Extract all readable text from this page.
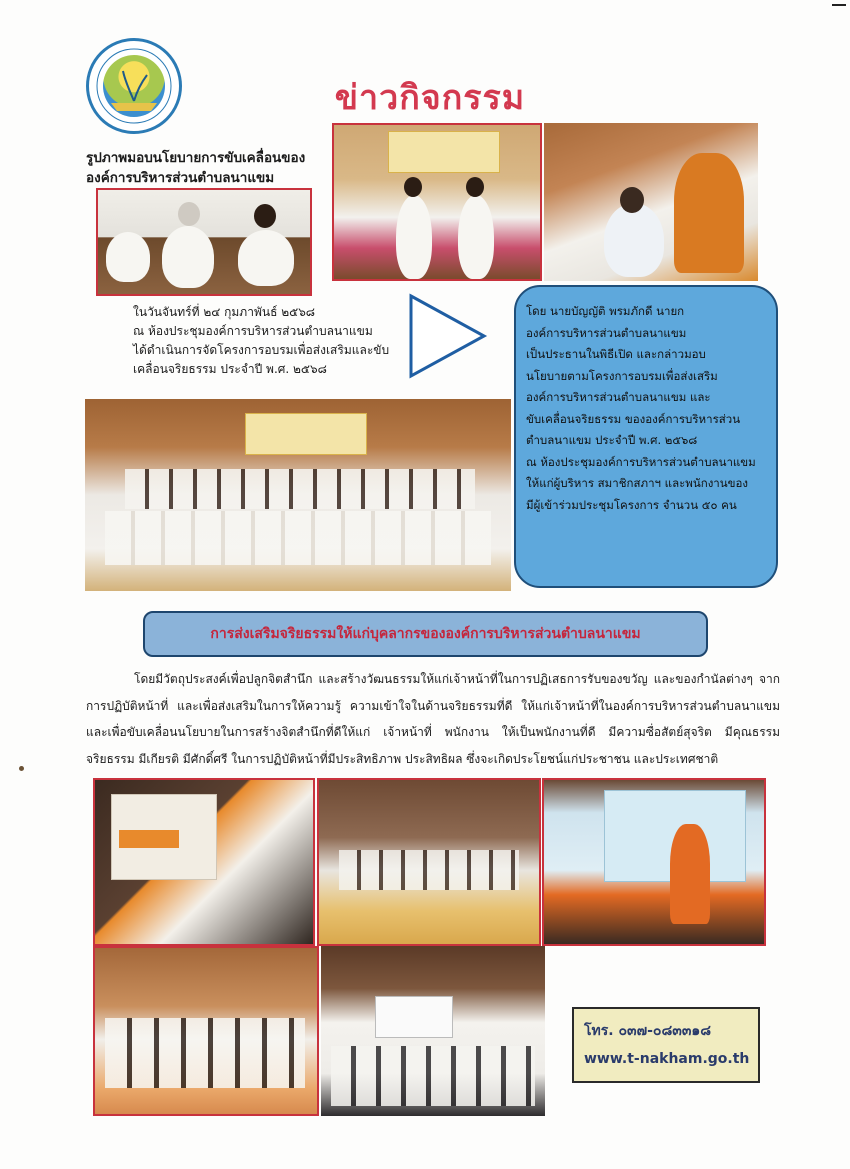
ข่าวกิจกรรม
รูปภาพมอบนโยบายการขับเคลื่อนของ
องค์การบริหารส่วนตำบลนาแขม
ในวันจันทร์ที่ ๒๔ กุมภาพันธ์ ๒๕๖๘
ณ ห้องประชุมองค์การบริหารส่วนตำบลนาแขม
ได้ดำเนินการจัดโครงการอบรมเพื่อส่งเสริมและขับ
เคลื่อนจริยธรรม ประจำปี พ.ศ. ๒๕๖๘
โดย นายบัญญัติ พรมภักดี นายก
องค์การบริหารส่วนตำบลนาแขม
เป็นประธานในพิธีเปิด และกล่าวมอบ
นโยบายตามโครงการอบรมเพื่อส่งเสริม
องค์การบริหารส่วนตำบลนาแขม และ
ขับเคลื่อนจริยธรรม ขององค์การบริหารส่วน
ตำบลนาแขม ประจำปี พ.ศ. ๒๕๖๘
ณ ห้องประชุมองค์การบริหารส่วนตำบลนาแขม
ให้แก่ผู้บริหาร สมาชิกสภาฯ และพนักงานของ
มีผู้เข้าร่วมประชุมโครงการ จำนวน ๕๐ คน
การส่งเสริมจริยธรรมให้แก่บุคลากรขององค์การบริหารส่วนตำบลนาแขม
โดยมีวัตถุประสงค์เพื่อปลูกจิตสำนึก และสร้างวัฒนธรรมให้แก่เจ้าหน้าที่ในการปฏิเสธการรับของขวัญ และของกำนัลต่างๆ จากการปฏิบัติหน้าที่ และเพื่อส่งเสริมในการให้ความรู้ ความเข้าใจในด้านจริยธรรมที่ดี ให้แก่เจ้าหน้าที่ในองค์การบริหารส่วนตำบลนาแขม และเพื่อขับเคลื่อนนโยบายในการสร้างจิตสำนึกที่ดีให้แก่ เจ้าหน้าที่ พนักงาน ให้เป็นพนักงานที่ดี มีความซื่อสัตย์สุจริต มีคุณธรรม จริยธรรม มีเกียรติ มีศักดิ์ศรี ในการปฏิบัติหน้าที่มีประสิทธิภาพ ประสิทธิผล ซึ่งจะเกิดประโยชน์แก่ประชาชน และประเทศชาติ
โทร. ๐๓๗-๐๘๓๓๑๘
www.t-nakham.go.th
